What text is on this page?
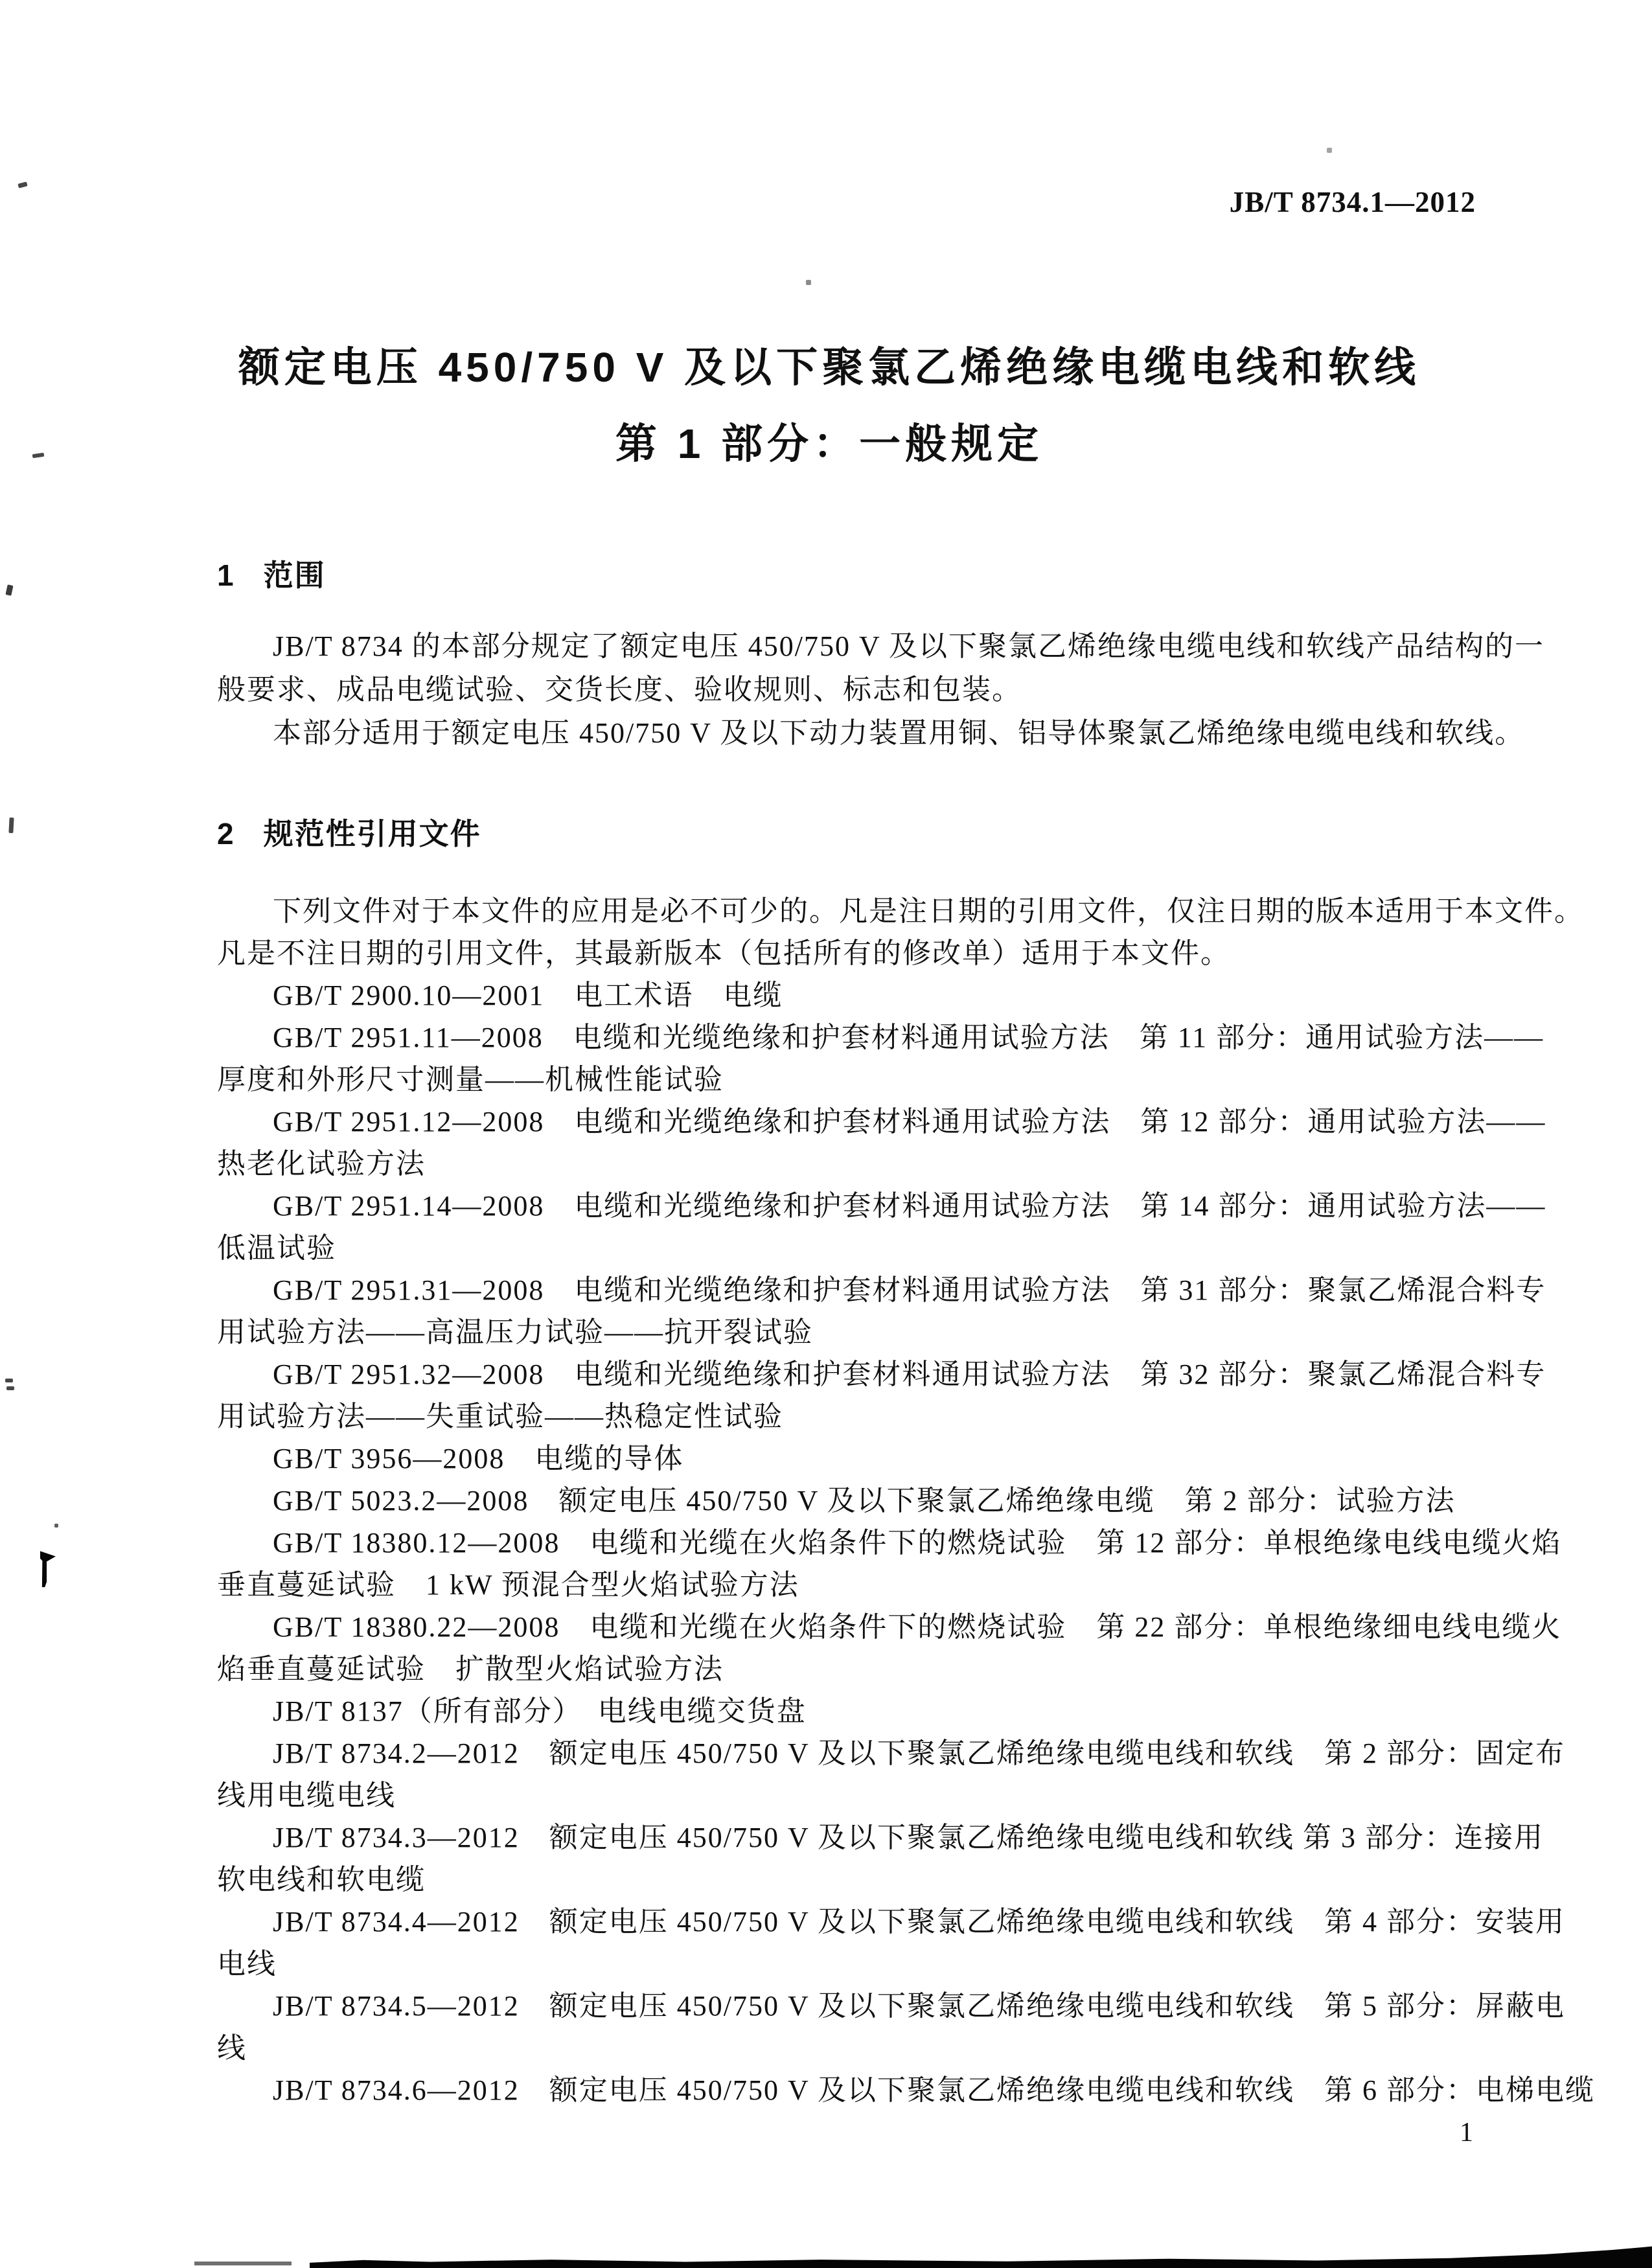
JB/T 8734.1—2012
额定电压 450/750 V 及以下聚氯乙烯绝缘电缆电线和软线
第 1 部分：一般规定
1 范围
JB/T 8734 的本部分规定了额定电压 450/750 V 及以下聚氯乙烯绝缘电缆电线和软线产品结构的一
般要求、成品电缆试验、交货长度、验收规则、标志和包装。
本部分适用于额定电压 450/750 V 及以下动力装置用铜、铝导体聚氯乙烯绝缘电缆电线和软线。
2 规范性引用文件
下列文件对于本文件的应用是必不可少的。凡是注日期的引用文件，仅注日期的版本适用于本文件。
凡是不注日期的引用文件，其最新版本（包括所有的修改单）适用于本文件。
GB/T 2900.10—2001　电工术语　电缆
GB/T 2951.11—2008　电缆和光缆绝缘和护套材料通用试验方法　第 11 部分：通用试验方法——
厚度和外形尺寸测量——机械性能试验
GB/T 2951.12—2008　电缆和光缆绝缘和护套材料通用试验方法　第 12 部分：通用试验方法——
热老化试验方法
GB/T 2951.14—2008　电缆和光缆绝缘和护套材料通用试验方法　第 14 部分：通用试验方法——
低温试验
GB/T 2951.31—2008　电缆和光缆绝缘和护套材料通用试验方法　第 31 部分：聚氯乙烯混合料专
用试验方法——高温压力试验——抗开裂试验
GB/T 2951.32—2008　电缆和光缆绝缘和护套材料通用试验方法　第 32 部分：聚氯乙烯混合料专
用试验方法——失重试验——热稳定性试验
GB/T 3956—2008　电缆的导体
GB/T 5023.2—2008　额定电压 450/750 V 及以下聚氯乙烯绝缘电缆　第 2 部分：试验方法
GB/T 18380.12—2008　电缆和光缆在火焰条件下的燃烧试验　第 12 部分：单根绝缘电线电缆火焰
垂直蔓延试验　1 kW 预混合型火焰试验方法
GB/T 18380.22—2008　电缆和光缆在火焰条件下的燃烧试验　第 22 部分：单根绝缘细电线电缆火
焰垂直蔓延试验　扩散型火焰试验方法
JB/T 8137（所有部分）　电线电缆交货盘
JB/T 8734.2—2012　额定电压 450/750 V 及以下聚氯乙烯绝缘电缆电线和软线　第 2 部分：固定布
线用电缆电线
JB/T 8734.3—2012　额定电压 450/750 V 及以下聚氯乙烯绝缘电缆电线和软线 第 3 部分：连接用
软电线和软电缆
JB/T 8734.4—2012　额定电压 450/750 V 及以下聚氯乙烯绝缘电缆电线和软线　第 4 部分：安装用
电线
JB/T 8734.5—2012　额定电压 450/750 V 及以下聚氯乙烯绝缘电缆电线和软线　第 5 部分：屏蔽电
线
JB/T 8734.6—2012　额定电压 450/750 V 及以下聚氯乙烯绝缘电缆电线和软线　第 6 部分：电梯电缆
1
